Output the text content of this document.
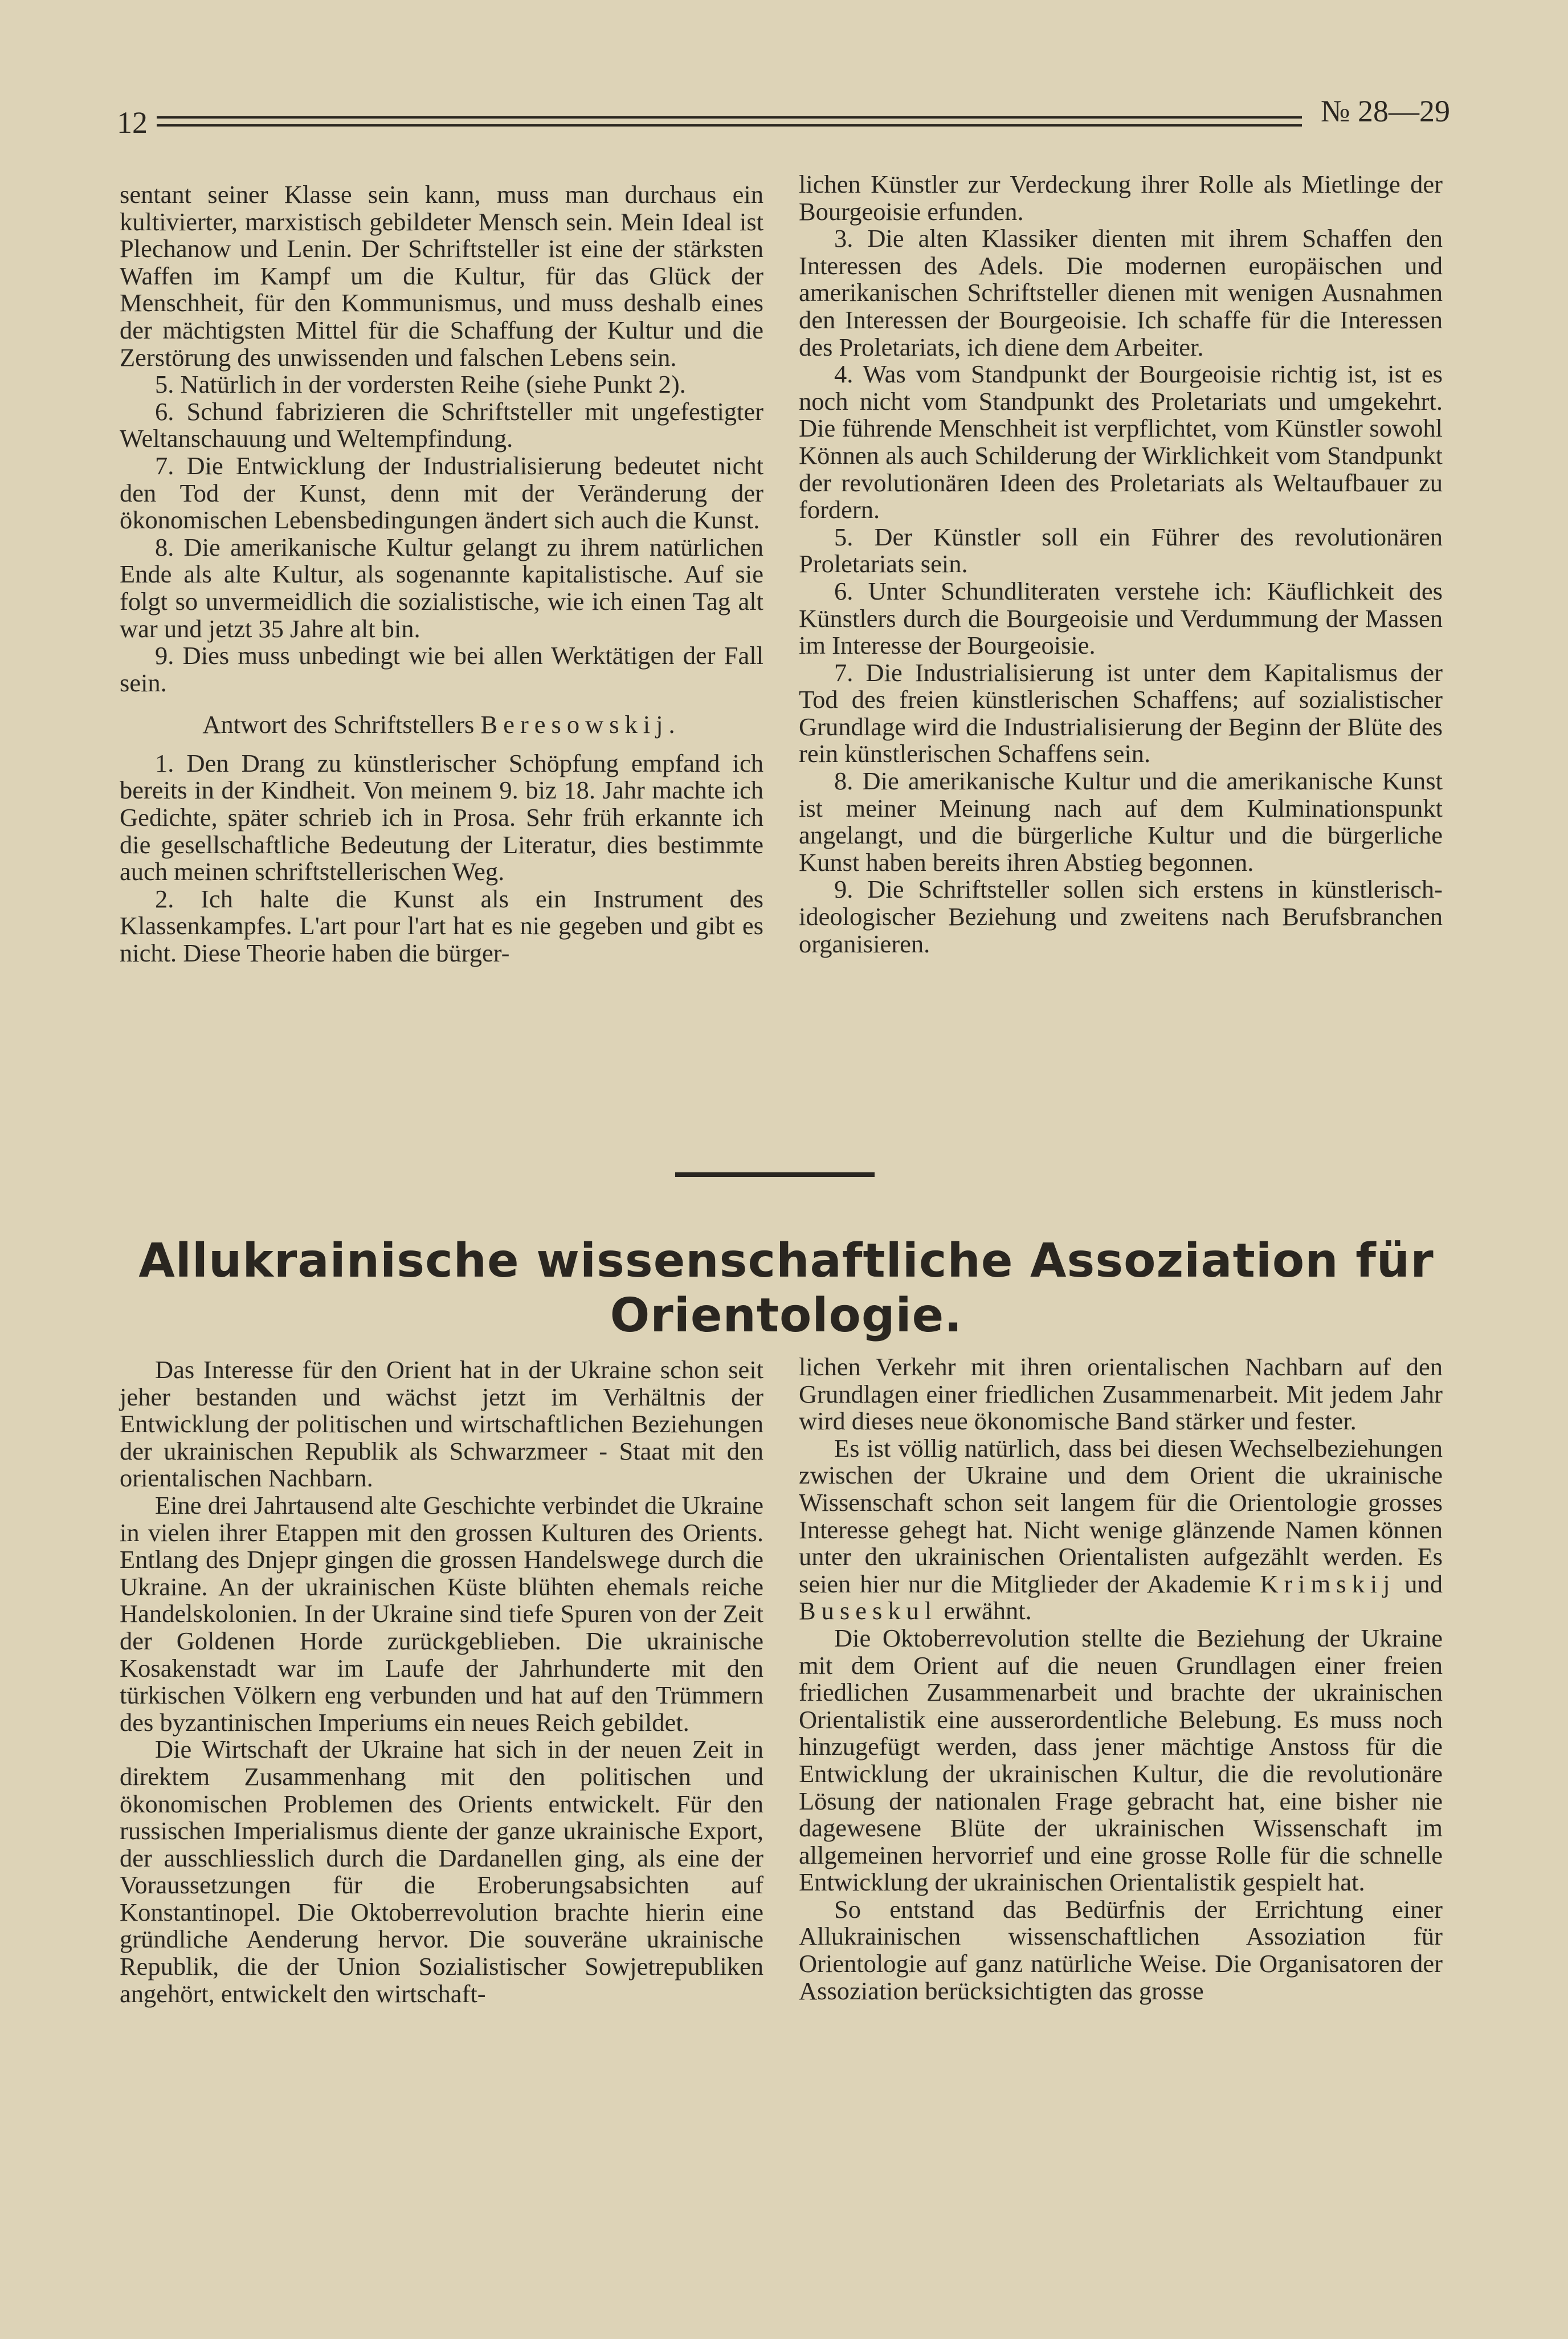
12	№ 28—29

sentant seiner Klasse sein kann, muss man durchaus ein kultivierter, marxistisch gebildeter Mensch sein. Mein Ideal ist Plechanow und Lenin. Der Schriftsteller ist eine der stärksten Waffen im Kampf um die Kultur, für das Glück der Menschheit, für den Kommunismus, und muss deshalb eines der mächtigsten Mittel für die Schaffung der Kultur und die Zerstörung des unwissenden und falschen Lebens sein.

5. Natürlich in der vordersten Reihe (siehe Punkt 2).

6. Schund fabrizieren die Schriftsteller mit ungefestigter Weltanschauung und Weltempfindung.

7. Die Entwicklung der Industrialisierung bedeutet nicht den Tod der Kunst, denn mit der Veränderung der ökonomischen Lebensbedingungen ändert sich auch die Kunst.

8. Die amerikanische Kultur gelangt zu ihrem natürlichen Ende als alte Kultur, als sogenannte kapitalistische. Auf sie folgt so unvermeidlich die sozialistische, wie ich einen Tag alt war und jetzt 35 Jahre alt bin.

9. Dies muss unbedingt wie bei allen Werktätigen der Fall sein.

Antwort des Schriftstellers Beresowskij.

1. Den Drang zu künstlerischer Schöpfung empfand ich bereits in der Kindheit. Von meinem 9. biz 18. Jahr machte ich Gedichte, später schrieb ich in Prosa. Sehr früh erkannte ich die gesellschaftliche Bedeutung der Literatur, dies bestimmte auch meinen schriftstellerischen Weg.

2. Ich halte die Kunst als ein Instrument des Klassenkampfes. L'art pour l'art hat es nie gegeben und gibt es nicht. Diese Theorie haben die bürger-

lichen Künstler zur Verdeckung ihrer Rolle als Mietlinge der Bourgeoisie erfunden.

3. Die alten Klassiker dienten mit ihrem Schaffen den Interessen des Adels. Die modernen europäischen und amerikanischen Schriftsteller dienen mit wenigen Ausnahmen den Interessen der Bourgeoisie. Ich schaffe für die Interessen des Proletariats, ich diene dem Arbeiter.

4. Was vom Standpunkt der Bourgeoisie richtig ist, ist es noch nicht vom Standpunkt des Proletariats und umgekehrt. Die führende Menschheit ist verpflichtet, vom Künstler sowohl Können als auch Schilderung der Wirklichkeit vom Standpunkt der revolutionären Ideen des Proletariats als Weltaufbauer zu fordern.

5. Der Künstler soll ein Führer des revolutionären Proletariats sein.

6. Unter Schundliteraten verstehe ich: Käuflichkeit des Künstlers durch die Bourgeoisie und Verdummung der Massen im Interesse der Bourgeoisie.

7. Die Industrialisierung ist unter dem Kapitalismus der Tod des freien künstlerischen Schaffens; auf sozialistischer Grundlage wird die Industrialisierung der Beginn der Blüte des rein künstlerischen Schaffens sein.

8. Die amerikanische Kultur und die amerikanische Kunst ist meiner Meinung nach auf dem Kulminationspunkt angelangt, und die bürgerliche Kultur und die bürgerliche Kunst haben bereits ihren Abstieg begonnen.

9. Die Schriftsteller sollen sich erstens in künstlerisch-ideologischer Beziehung und zweitens nach Berufsbranchen organisieren.

Allukrainische wissenschaftliche Assoziation für Orientologie.

Das Interesse für den Orient hat in der Ukraine schon seit jeher bestanden und wächst jetzt im Verhältnis der Entwicklung der politischen und wirtschaftlichen Beziehungen der ukrainischen Republik als Schwarzmeer - Staat mit den orientalischen Nachbarn.

Eine drei Jahrtausend alte Geschichte verbindet die Ukraine in vielen ihrer Etappen mit den grossen Kulturen des Orients. Entlang des Dnjepr gingen die grossen Handelswege durch die Ukraine. An der ukrainischen Küste blühten ehemals reiche Handelskolonien. In der Ukraine sind tiefe Spuren von der Zeit der Goldenen Horde zurückgeblieben. Die ukrainische Kosakenstadt war im Laufe der Jahrhunderte mit den türkischen Völkern eng verbunden und hat auf den Trümmern des byzantinischen Imperiums ein neues Reich gebildet.

Die Wirtschaft der Ukraine hat sich in der neuen Zeit in direktem Zusammenhang mit den politischen und ökonomischen Problemen des Orients entwickelt. Für den russischen Imperialismus diente der ganze ukrainische Export, der ausschliesslich durch die Dardanellen ging, als eine der Voraussetzungen für die Eroberungsabsichten auf Konstantinopel. Die Oktoberrevolution brachte hierin eine gründliche Aenderung hervor. Die souveräne ukrainische Republik, die der Union Sozialistischer Sowjetrepubliken angehört, entwickelt den wirtschaft-

lichen Verkehr mit ihren orientalischen Nachbarn auf den Grundlagen einer friedlichen Zusammenarbeit. Mit jedem Jahr wird dieses neue ökonomische Band stärker und fester.

Es ist völlig natürlich, dass bei diesen Wechselbeziehungen zwischen der Ukraine und dem Orient die ukrainische Wissenschaft schon seit langem für die Orientologie grosses Interesse gehegt hat. Nicht wenige glänzende Namen können unter den ukrainischen Orientalisten aufgezählt werden. Es seien hier nur die Mitglieder der Akademie Krimskij und Buseskul erwähnt.

Die Oktoberrevolution stellte die Beziehung der Ukraine mit dem Orient auf die neuen Grundlagen einer freien friedlichen Zusammenarbeit und brachte der ukrainischen Orientalistik eine ausserordentliche Belebung. Es muss noch hinzugefügt werden, dass jener mächtige Anstoss für die Entwicklung der ukrainischen Kultur, die die revolutionäre Lösung der nationalen Frage gebracht hat, eine bisher nie dagewesene Blüte der ukrainischen Wissenschaft im allgemeinen hervorrief und eine grosse Rolle für die schnelle Entwicklung der ukrainischen Orientalistik gespielt hat.

So entstand das Bedürfnis der Errichtung einer Allukrainischen wissenschaftlichen Assoziation für Orientologie auf ganz natürliche Weise. Die Organisatoren der Assoziation berücksichtigten das grosse
